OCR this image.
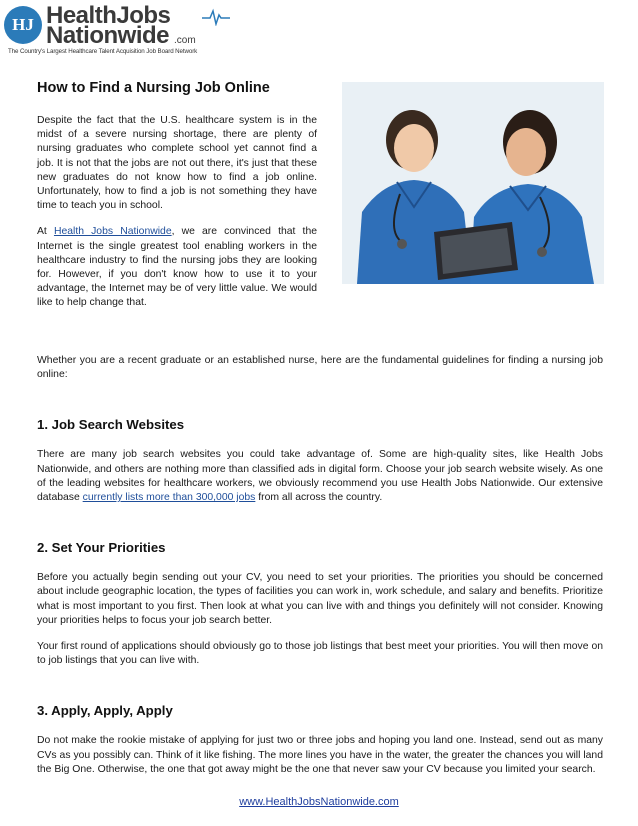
HJ HealthJobs
Nationwide .com
The Country's Largest Healthcare Talent Acquisition Job Board Network
How to Find a Nursing Job Online

Despite the fact that the U.S. healthcare system is in the midst of a severe nursing shortage, there are plenty of nursing graduates who complete school yet cannot find a job. It is not that the jobs are not out there, it's just that these new graduates do not know how to find a job online. Unfortunately, how to find a job is not something they have time to teach you in school.

At Health Jobs Nationwide, we are convinced that the Internet is the single greatest tool enabling workers in the healthcare industry to find the nursing jobs they are looking for. However, if you don't know how to use it to your advantage, the Internet may be of very little value. We would like to help change that.

Whether you are a recent graduate or an established nurse, here are the fundamental guidelines for finding a nursing job online:

1. Job Search Websites

There are many job search websites you could take advantage of. Some are high-quality sites, like Health Jobs Nationwide, and others are nothing more than classified ads in digital form. Choose your job search website wisely. As one of the leading websites for healthcare workers, we obviously recommend you use Health Jobs Nationwide. Our extensive database currently lists more than 300,000 jobs from all across the country.

2. Set Your Priorities

Before you actually begin sending out your CV, you need to set your priorities. The priorities you should be concerned about include geographic location, the types of facilities you can work in, work schedule, and salary and benefits. Prioritize what is most important to you first. Then look at what you can live with and things you definitely will not consider. Knowing your priorities helps to focus your job search better.

Your first round of applications should obviously go to those job listings that best meet your priorities. You will then move on to job listings that you can live with.

3. Apply, Apply, Apply

Do not make the rookie mistake of applying for just two or three jobs and hoping you land one. Instead, send out as many CVs as you possibly can. Think of it like fishing. The more lines you have in the water, the greater the chances you will land the Big One. Otherwise, the one that got away might be the one that never saw your CV because you limited your search.

www.HealthJobsNationwide.com
